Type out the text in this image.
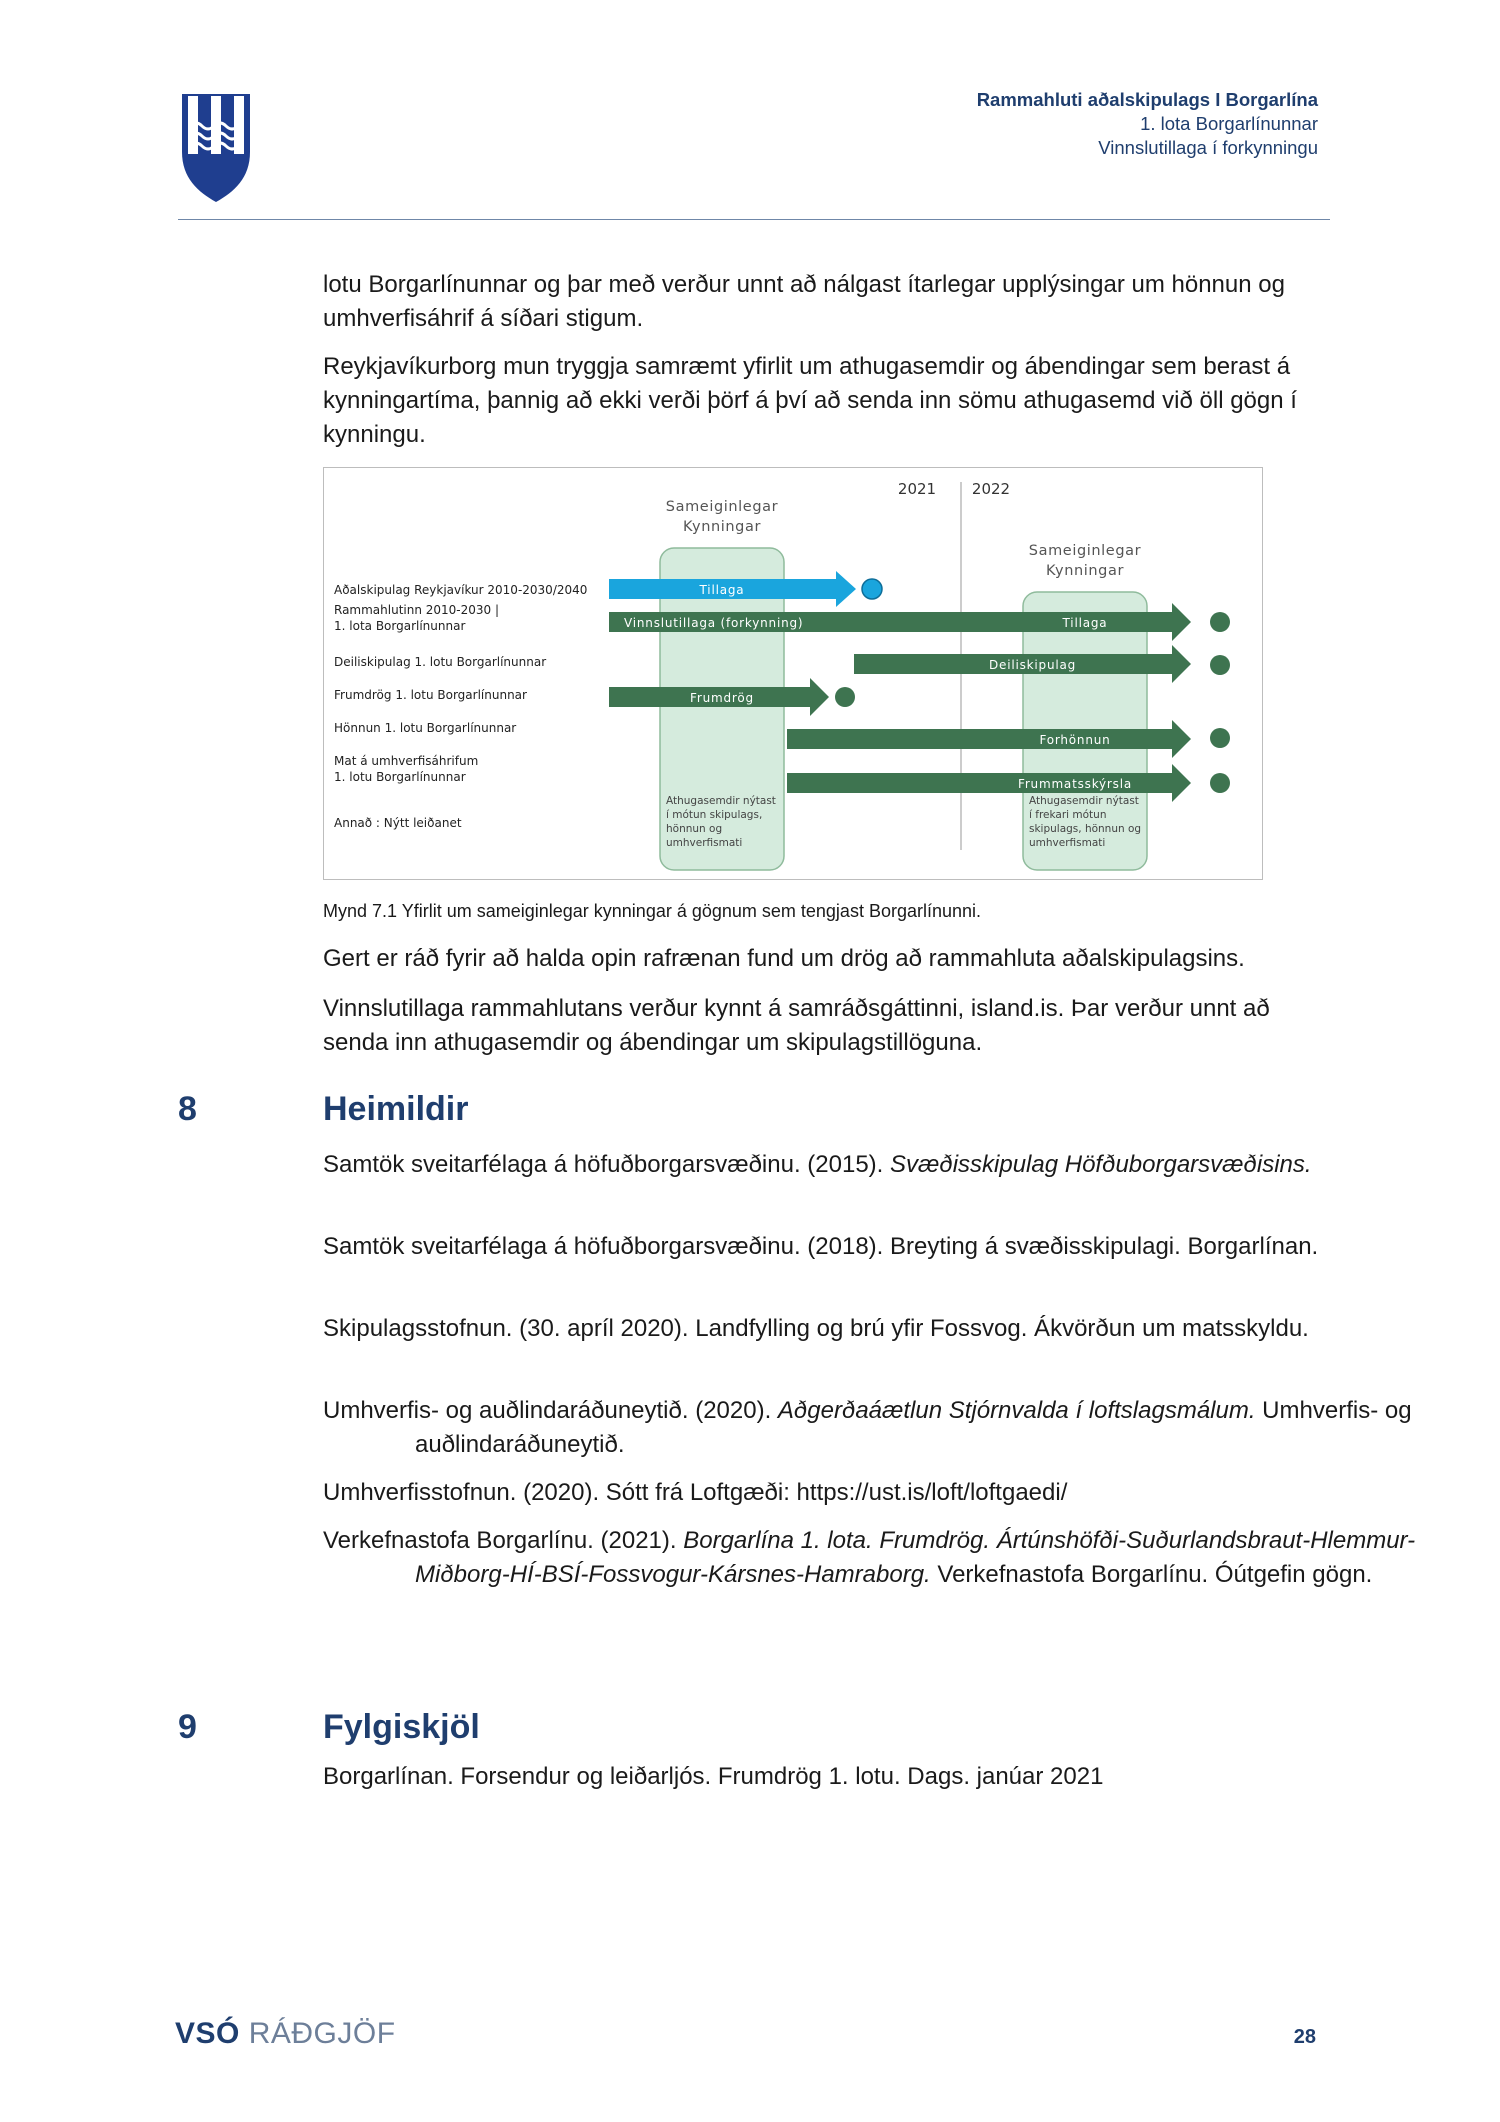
Rammahluti aðalskipulags I Borgarlína
1. lota Borgarlínunnar
Vinnslutillaga í forkynningu
lotu Borgarlínunnar og þar með verður unnt að nálgast ítarlegar upplýsingar um hönnun og umhverfisáhrif á síðari stigum.
Reykjavíkurborg mun tryggja samræmt yfirlit um athugasemdir og ábendingar sem berast á kynningartíma, þannig að ekki verði þörf á því að senda inn sömu athugasemd við öll gögn í kynningu.
2021 2022
Sameiginlegar
Kynningar
Sameiginlegar
Kynningar
Aðalskipulag Reykjavíkur 2010-2030/2040
Rammahlutinn 2010-2030 |
1. lota Borgarlínunnar
Deiliskipulag 1. lotu Borgarlínunnar
Frumdrög 1. lotu Borgarlínunnar
Hönnun 1. lotu Borgarlínunnar
Mat á umhverfisáhrifum
1. lotu Borgarlínunnar
Annað : Nýtt leiðanet
Tillaga
Vinnslutillaga (forkynning)	Tillaga
Deiliskipulag
Frumdrög
Forhönnun
Frummatsskýrsla
Athugasemdir nýtast
í mótun skipulags,
hönnun og
umhverfismati
Athugasemdir nýtast
í frekari mótun
skipulags, hönnun og
umhverfismati
Mynd 7.1 Yfirlit um sameiginlegar kynningar á gögnum sem tengjast Borgarlínunni.
Gert er ráð fyrir að halda opin rafrænan fund um drög að rammahluta aðalskipulagsins.
Vinnslutillaga rammahlutans verður kynnt á samráðsgáttinni, island.is. Þar verður unnt að senda inn athugasemdir og ábendingar um skipulagstillöguna.
8	Heimildir
Samtök sveitarfélaga á höfuðborgarsvæðinu. (2015). Svæðisskipulag Höfðuborgarsvæðisins.
Samtök sveitarfélaga á höfuðborgarsvæðinu. (2018). Breyting á svæðisskipulagi. Borgarlínan.
Skipulagsstofnun. (30. apríl 2020). Landfylling og brú yfir Fossvog. Ákvörðun um matsskyldu.
Umhverfis- og auðlindaráðuneytið. (2020). Aðgerðaáætlun Stjórnvalda í loftslagsmálum. Umhverfis- og auðlindaráðuneytið.
Umhverfisstofnun. (2020). Sótt frá Loftgæði: https://ust.is/loft/loftgaedi/
Verkefnastofa Borgarlínu. (2021). Borgarlína 1. lota. Frumdrög. Ártúnshöfði-Suðurlandsbraut-Hlemmur-Miðborg-HÍ-BSÍ-Fossvogur-Kársnes-Hamraborg. Verkefnastofa Borgarlínu. Óútgefin gögn.
9	Fylgiskjöl
Borgarlínan. Forsendur og leiðarljós. Frumdrög 1. lotu. Dags. janúar 2021
VSÓ RÁÐGJÖF	28
